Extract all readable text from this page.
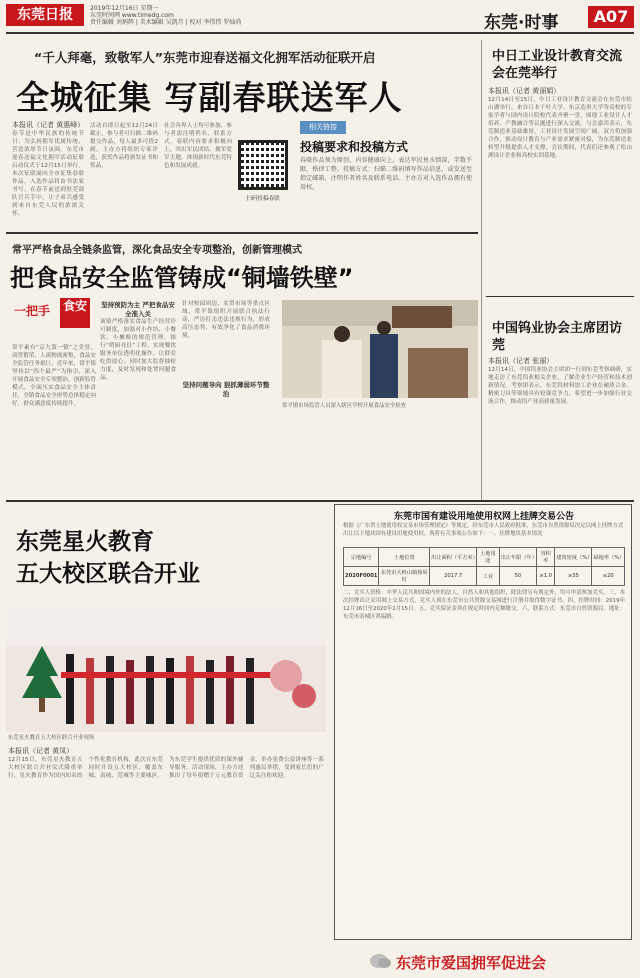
东莞日报	2019年12月16日 星期一
东莞时间网 www.timedg.com
责任编辑 刘炳辉 | 美术编辑 吴凯月 | 校对 李伟伟 罗灿尚	东莞·时事	A07
“千人拜毫，致敬军人”东莞市迎春送福文化拥军活动征联开启
全城征集 写副春联送军人
本报讯（记者 黄惠峰）
春节是中华民族的传统节日。为弘扬拥军优属传统，营造浓厚节日氛围，东莞市迎春送福文化拥军活动征联启动仪式于12月15日举行。本次征联面向全市征集春联作品，入选作品将由书法家书写，在春节前送到驻莞部队官兵手中，让子弟兵感受到来自东莞人民的浓浓关怀。
活动自即日起至12月24日截止，参与者可扫描二维码提交作品，每人最多可投2副。主办方将组织专家评选，获奖作品将颁发证书和奖品。
社会各界人士均可参加，参与者需注明姓名、联系方式。春联内容要求积极向上，突出军民团结、拥军爱军主题，体现新时代东莞特色和发展成就。
扫码投稿春联
相关链接
投稿要求和投稿方式
春联作品须为原创，内容健康向上，表达军民鱼水情深，字数不限，格律工整。投稿方式：扫描二维码填写作品信息，或发送至指定邮箱，注明作者姓名及联系电话。主办方对入选作品拥有使用权。
中日工业设计教育交流会在莞举行
本报讯（记者 黄丽娟）
12月14日至15日，中日工业设计教育交流会在东莞市松山湖举行。来自日本千叶大学、东京造形大学等高校的专家学者与国内设计院校代表齐聚一堂，围绕工业设计人才培养、产教融合等议题进行深入交流。与会嘉宾表示，东莞制造业基础雄厚，工业设计发展空间广阔，双方将加强合作，推动设计教育与产业需求紧密对接，为东莞制造业转型升级提供人才支撑。会议期间，代表们还参观了松山湖设计企业和高校实训基地。
中国钨业协会主席团访莞
本报讯（记者 张丽）
12月14日，中国钨业协会主席团一行到东莞考察调研，实地走访了东莞钨业相关企业，了解企业生产经营和技术创新情况。考察团表示，东莞钨材料加工企业在硬质合金、精密刀具等领域具有较强竞争力，希望进一步加强行业交流合作，推动钨产业高质量发展。
常平严格食品全链条监管，深化食品安全专项整治，创新管理模式
把食品安全监管铸成“铜墙铁壁”
一把手 食安
常平素有“京九第一镇”之美誉，商贸繁荣，人流物流密集，食品安全监管任务艰巨。近年来，常平镇坚持以“四个最严”为指引，深入开展食品安全专项整治，创新监管模式，全面压实食品安全主体责任，全镇食品安全形势总体稳定向好，群众满意度持续提升。
坚持预防为主 严把食品安全准入关
该镇严格落实食品生产经营许可制度，加强对小作坊、小餐饮、小摊贩的规范管理，推行“明厨亮灶”工程，实现餐饮服务单位透明化操作，让群众吃得放心。同时加大监督抽检力度，及时发现和处置问题食品。
针对校园周边、农贸市场等重点区域，常平镇组织开展联合执法行动，严厉打击违法违规行为，形成高压态势，有效净化了食品消费环境。
坚持问题导向 狠抓薄弱环节整治
常平镇市场监管人员深入辖区学校开展食品安全检查
东莞星火教育
五大校区联合开业
东莞星火教育五大校区联合开业现场
本报讯（记者 黄凤）
12月15日，东莞星火教育五大校区联合开业仪式隆重举行。星火教育作为国内知名的个性化教育机构，此次在东莞同时开设五大校区，覆盖东城、南城、莞城等主要城区，为东莞学生提供优质的课外辅导服务。活动现场，主办方还推出了每年捐赠千万元教育资金、举办免费公益讲座等一系列惠民举措，受到家长们的广泛关注和欢迎。
东莞市国有建设用地使用权网上挂牌交易公告
根据《广东省土地使用权交易市场管理规定》等规定，经东莞市人民政府批准，东莞市自然资源局决定以网上挂牌方式出让以下地块国有建设用地使用权。现将有关事项公告如下：一、挂牌地块基本情况
宗地编号	土地位置	出让面积（平方米）	土地用途	出让年限（年）	容积率	建筑密度（%）	绿地率（%）
2020F0001	东莞市大岭山镇杨屋村	2017.7	工业	50	≥1.0	≥35	≤20
二、竞买人资格：中华人民共和国境内外的法人、自然人和其他组织，除法律另有规定外，均可申请参加竞买。三、本次挂牌出让采用网上交易方式，竞买人须在东莞市公共资源交易网进行注册并取得数字证书。四、挂牌时间：2019年12月16日至2020年1月15日。五、竞买保证金须在规定时间内足额缴交。六、联系方式：东莞市自然资源局，地址：东莞市南城区鸿福路。
东莞市爱国拥军促进会
